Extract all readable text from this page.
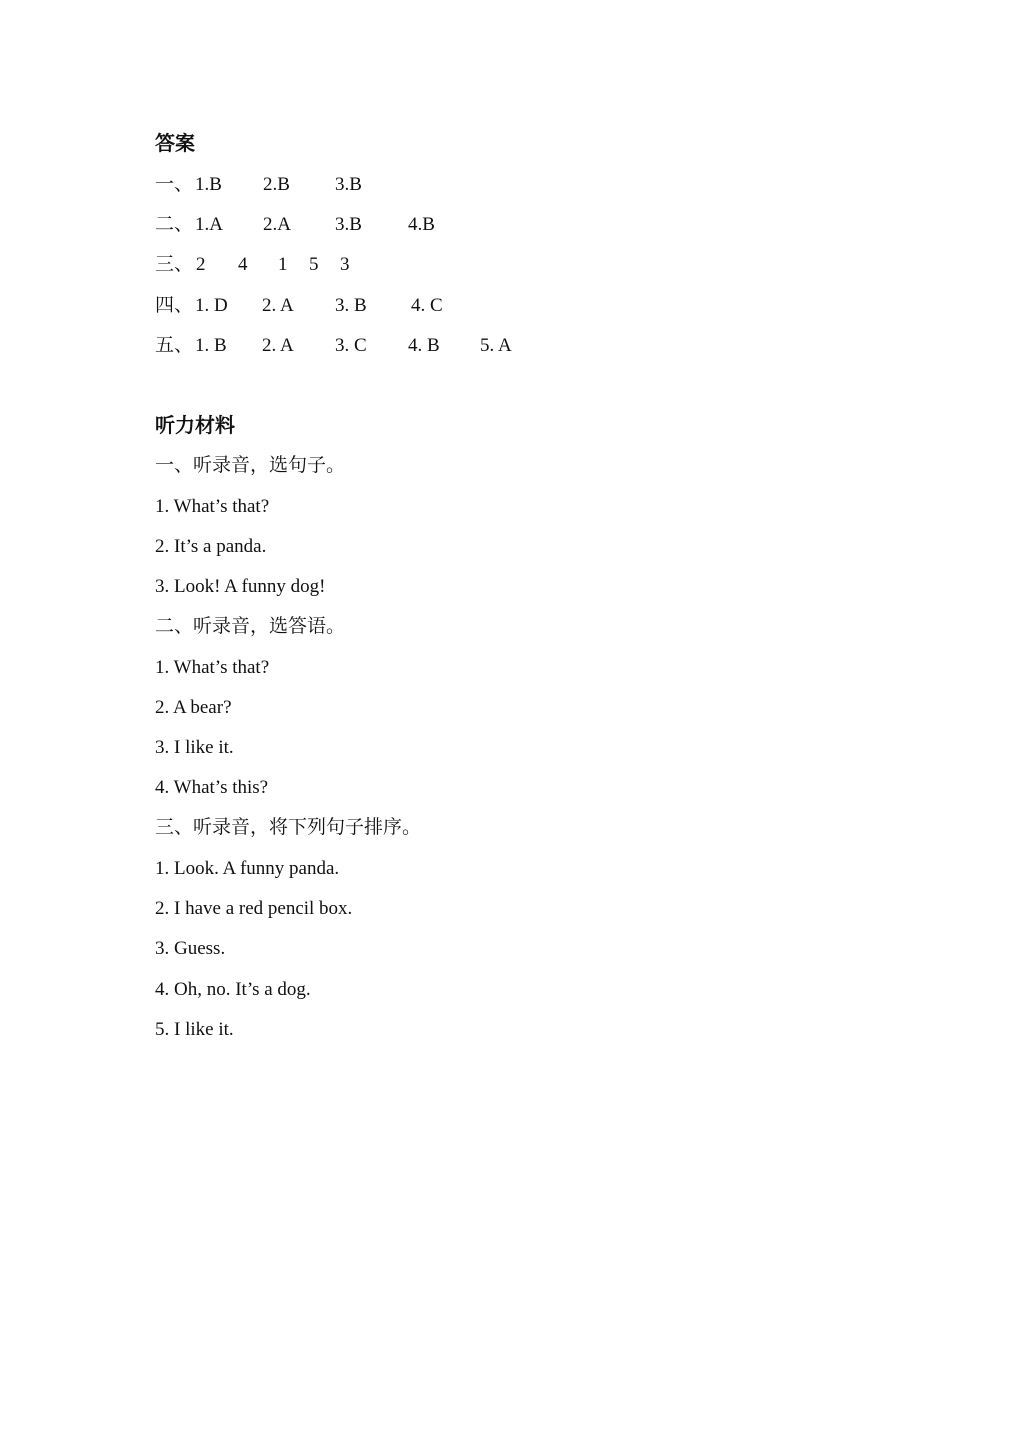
答案
一、 1.B 2.B 3.B
二、 1.A 2.A 3.B 4.B
三、 2 4 1 5 3
四、 1. D 2. A 3. B 4. C
五、 1. B 2. A 3. C 4. B 5. A
听力材料
一、听录音，选句子。
1. What’s that?
2. It’s a panda.
3. Look! A funny dog!
二、听录音，选答语。
1. What’s that?
2. A bear?
3. I like it.
4. What’s this?
三、听录音，将下列句子排序。
1. Look. A funny panda.
2. I have a red pencil box.
3. Guess.
4. Oh, no. It’s a dog.
5. I like it.
